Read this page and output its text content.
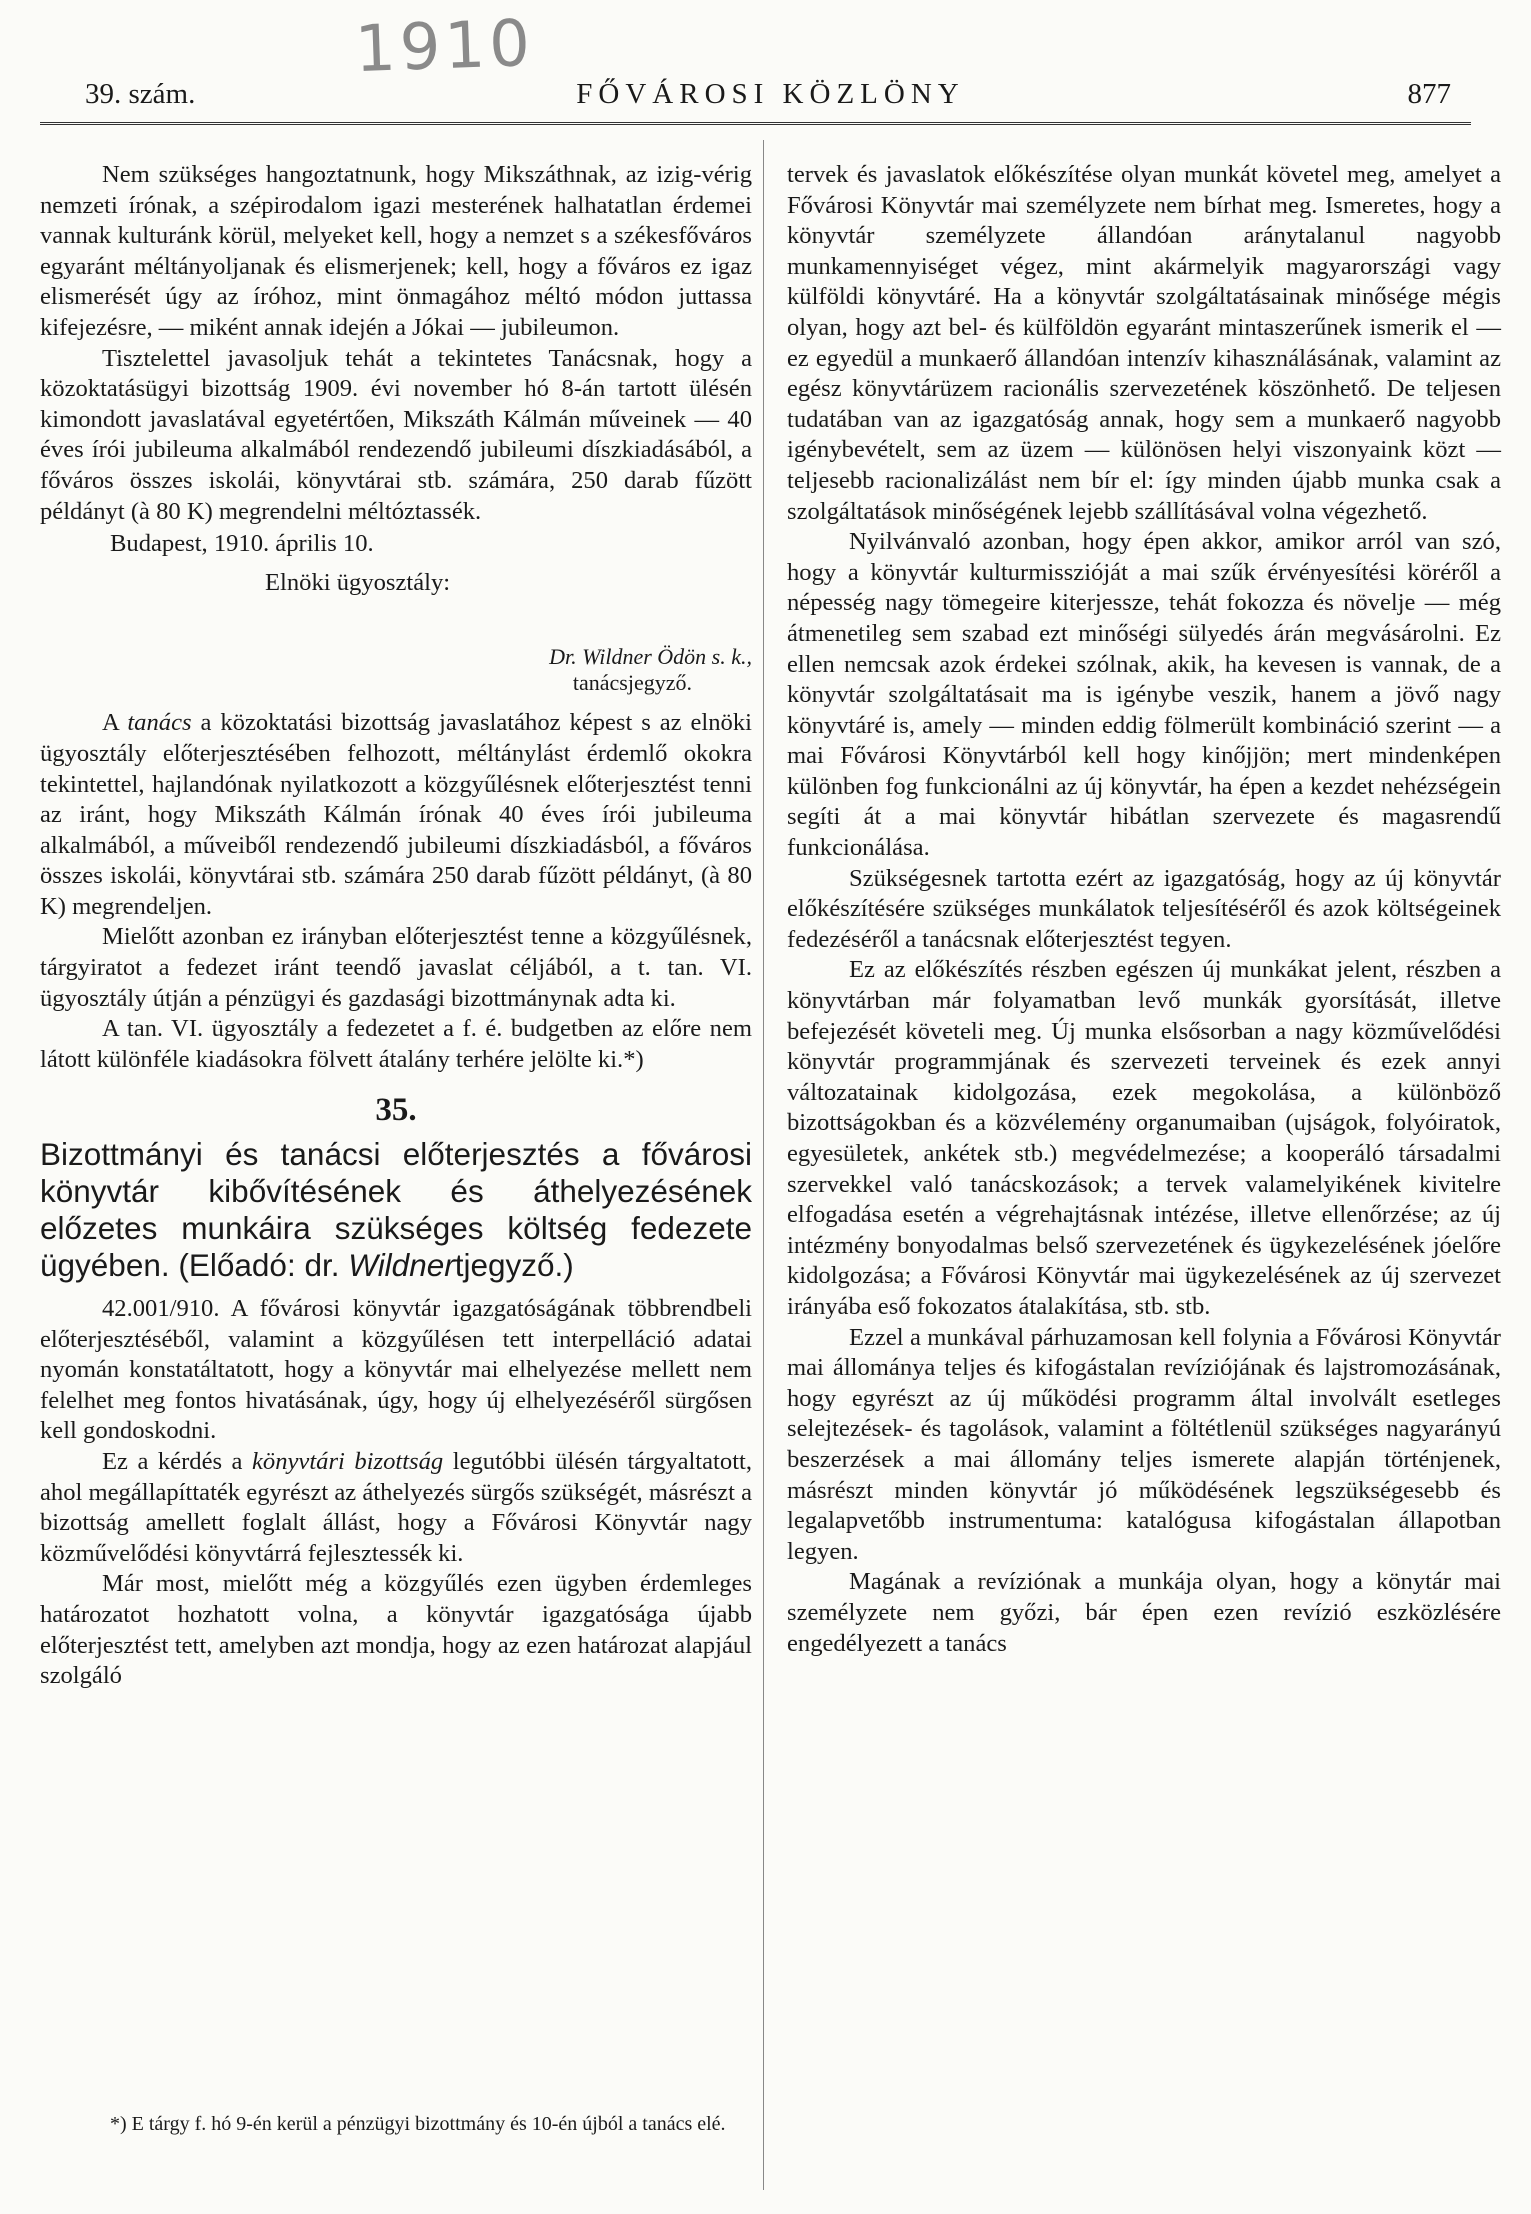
1910
39. szám.	FŐVÁROSI KÖZLÖNY	877

Nem szükséges hangoztatnunk, hogy Mikszáthnak, az izig-vérig nemzeti írónak, a szépirodalom igazi mesterének halhatatlan érdemei vannak kulturánk körül, melyeket kell, hogy a nemzet s a székesfőváros egyaránt méltányoljanak és elismerjenek; kell, hogy a főváros ez igaz elismerését úgy az íróhoz, mint önmagához méltó módon juttassa kifejezésre, — miként annak idején a Jókai — jubileumon.

Tisztelettel javasoljuk tehát a tekintetes Tanácsnak, hogy a közoktatásügyi bizottság 1909. évi november hó 8-án tartott ülésén kimondott javaslatával egyetértően, Mikszáth Kálmán műveinek — 40 éves írói jubileuma alkalmából rendezendő jubileumi díszkiadásából, a főváros összes iskolái, könyvtárai stb. számára, 250 darab fűzött példányt (à 80 K) megrendelni méltóztassék.

Budapest, 1910. április 10.

Elnöki ügyosztály:

Dr. Wildner Ödön s. k.,
tanácsjegyző.

A tanács a közoktatási bizottság javaslatához képest s az elnöki ügyosztály előterjesztésében felhozott, méltánylást érdemlő okokra tekintettel, hajlandónak nyilatkozott a közgyűlésnek előterjesztést tenni az iránt, hogy Mikszáth Kálmán írónak 40 éves írói jubileuma alkalmából, a műveiből rendezendő jubileumi díszkiadásból, a főváros összes iskolái, könyvtárai stb. számára 250 darab fűzött példányt, (à 80 K) megrendeljen.

Mielőtt azonban ez irányban előterjesztést tenne a közgyűlésnek, tárgyiratot a fedezet iránt teendő javaslat céljából, a t. tan. VI. ügyosztály útján a pénzügyi és gazdasági bizottmánynak adta ki.

A tan. VI. ügyosztály a fedezetet a f. é. budgetben az előre nem látott különféle kiadásokra fölvett átalány terhére jelölte ki.*)

35.

Bizottmányi és tanácsi előterjesztés a fővárosi könyvtár kibővítésének és áthelyezésének előzetes munkáira szükséges költség fedezete ügyében. (Előadó: dr. Wildnertjegyző.)

42.001/910. A fővárosi könyvtár igazgatóságának többrendbeli előterjesztéséből, valamint a közgyűlésen tett interpelláció adatai nyomán konstatáltatott, hogy a könyvtár mai elhelyezése mellett nem felelhet meg fontos hivatásának, úgy, hogy új elhelyezéséről sürgősen kell gondoskodni.

Ez a kérdés a könyvtári bizottság legutóbbi ülésén tárgyaltatott, ahol megállapíttaték egyrészt az áthelyezés sürgős szükségét, másrészt a bizottság amellett foglalt állást, hogy a Fővárosi Könyvtár nagy közművelődési könyvtárrá fejlesztessék ki.

Már most, mielőtt még a közgyűlés ezen ügyben érdemleges határozatot hozhatott volna, a könyvtár igazgatósága újabb előterjesztést tett, amelyben azt mondja, hogy az ezen határozat alapjául szolgáló

*) E tárgy f. hó 9-én kerül a pénzügyi bizottmány és 10-én újból a tanács elé.

tervek és javaslatok előkészítése olyan munkát követel meg, amelyet a Fővárosi Könyvtár mai személyzete nem bírhat meg. Ismeretes, hogy a könyvtár személyzete állandóan aránytalanul nagyobb munkamennyiséget végez, mint akármelyik magyarországi vagy külföldi könyvtáré. Ha a könyvtár szolgáltatásainak minősége mégis olyan, hogy azt bel- és külföldön egyaránt mintaszerűnek ismerik el — ez egyedül a munkaerő állandóan intenzív kihasználásának, valamint az egész könyvtárüzem racionális szervezetének köszönhető. De teljesen tudatában van az igazgatóság annak, hogy sem a munkaerő nagyobb igénybevételt, sem az üzem — különösen helyi viszonyaink közt — teljesebb racionalizálást nem bír el: így minden újabb munka csak a szolgáltatások minőségének lejebb szállításával volna végezhető.

Nyilvánvaló azonban, hogy épen akkor, amikor arról van szó, hogy a könyvtár kulturmisszióját a mai szűk érvényesítési köréről a népesség nagy tömegeire kiterjessze, tehát fokozza és növelje — még átmenetileg sem szabad ezt minőségi sülyedés árán megvásárolni. Ez ellen nemcsak azok érdekei szólnak, akik, ha kevesen is vannak, de a könyvtár szolgáltatásait ma is igénybe veszik, hanem a jövő nagy könyvtáré is, amely — minden eddig fölmerült kombináció szerint — a mai Fővárosi Könyvtárból kell hogy kinőjjön; mert mindenképen különben fog funkcionálni az új könyvtár, ha épen a kezdet nehézségein segíti át a mai könyvtár hibátlan szervezete és magasrendű funkcionálása.

Szükségesnek tartotta ezért az igazgatóság, hogy az új könyvtár előkészítésére szükséges munkálatok teljesítéséről és azok költségeinek fedezéséről a tanácsnak előterjesztést tegyen.

Ez az előkészítés részben egészen új munkákat jelent, részben a könyvtárban már folyamatban levő munkák gyorsítását, illetve befejezését követeli meg. Új munka elsősorban a nagy közművelődési könyvtár programmjának és szervezeti terveinek és ezek annyi változatainak kidolgozása, ezek megokolása, a különböző bizottságokban és a közvélemény organumaiban (ujságok, folyóiratok, egyesületek, ankétek stb.) megvédelmezése; a kooperáló társadalmi szervekkel való tanácskozások; a tervek valamelyikének kivitelre elfogadása esetén a végrehajtásnak intézése, illetve ellenőrzése; az új intézmény bonyodalmas belső szervezetének és ügykezelésének jóelőre kidolgozása; a Fővárosi Könyvtár mai ügykezelésének az új szervezet irányába eső fokozatos átalakítása, stb. stb.

Ezzel a munkával párhuzamosan kell folynia a Fővárosi Könyvtár mai állománya teljes és kifogástalan revíziójának és lajstromozásának, hogy egyrészt az új működési programm által involvált esetleges selejtezések- és tagolások, valamint a föltétlenül szükséges nagyarányú beszerzések a mai állomány teljes ismerete alapján történjenek, másrészt minden könyvtár jó működésének legszükségesebb és legalapvetőbb instrumentuma: katalógusa kifogástalan állapotban legyen.

Magának a revíziónak a munkája olyan, hogy a könytár mai személyzete nem győzi, bár épen ezen revízió eszközlésére engedélyezett a tanács
